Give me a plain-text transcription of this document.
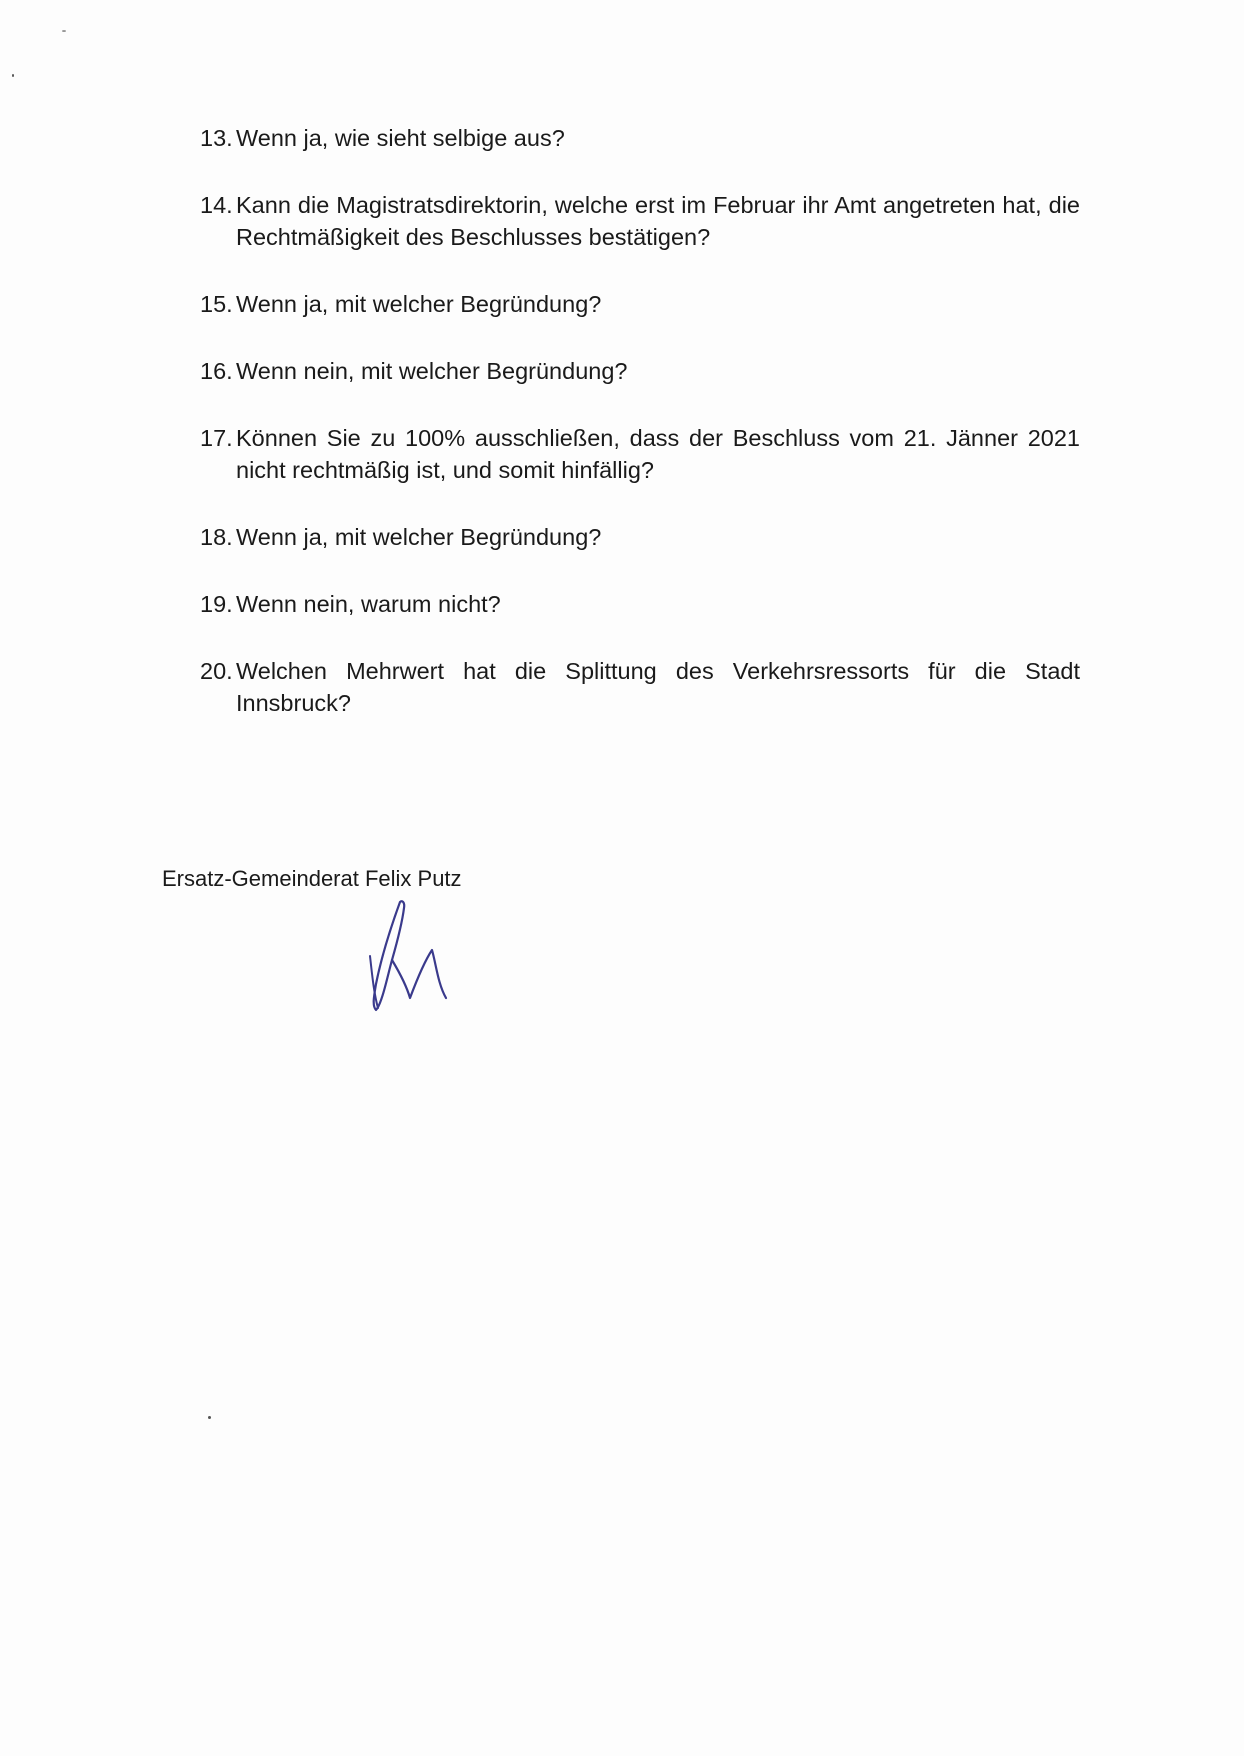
13. Wenn ja, wie sieht selbige aus?
14. Kann die Magistratsdirektorin, welche erst im Februar ihr Amt angetreten hat, die Rechtmäßigkeit des Beschlusses bestätigen?
15. Wenn ja, mit welcher Begründung?
16. Wenn nein, mit welcher Begründung?
17. Können Sie zu 100% ausschließen, dass der Beschluss vom 21. Jänner 2021 nicht rechtmäßig ist, und somit hinfällig?
18. Wenn ja, mit welcher Begründung?
19. Wenn nein, warum nicht?
20. Welchen Mehrwert hat die Splittung des Verkehrsressorts für die Stadt Innsbruck?

Ersatz-Gemeinderat Felix Putz
